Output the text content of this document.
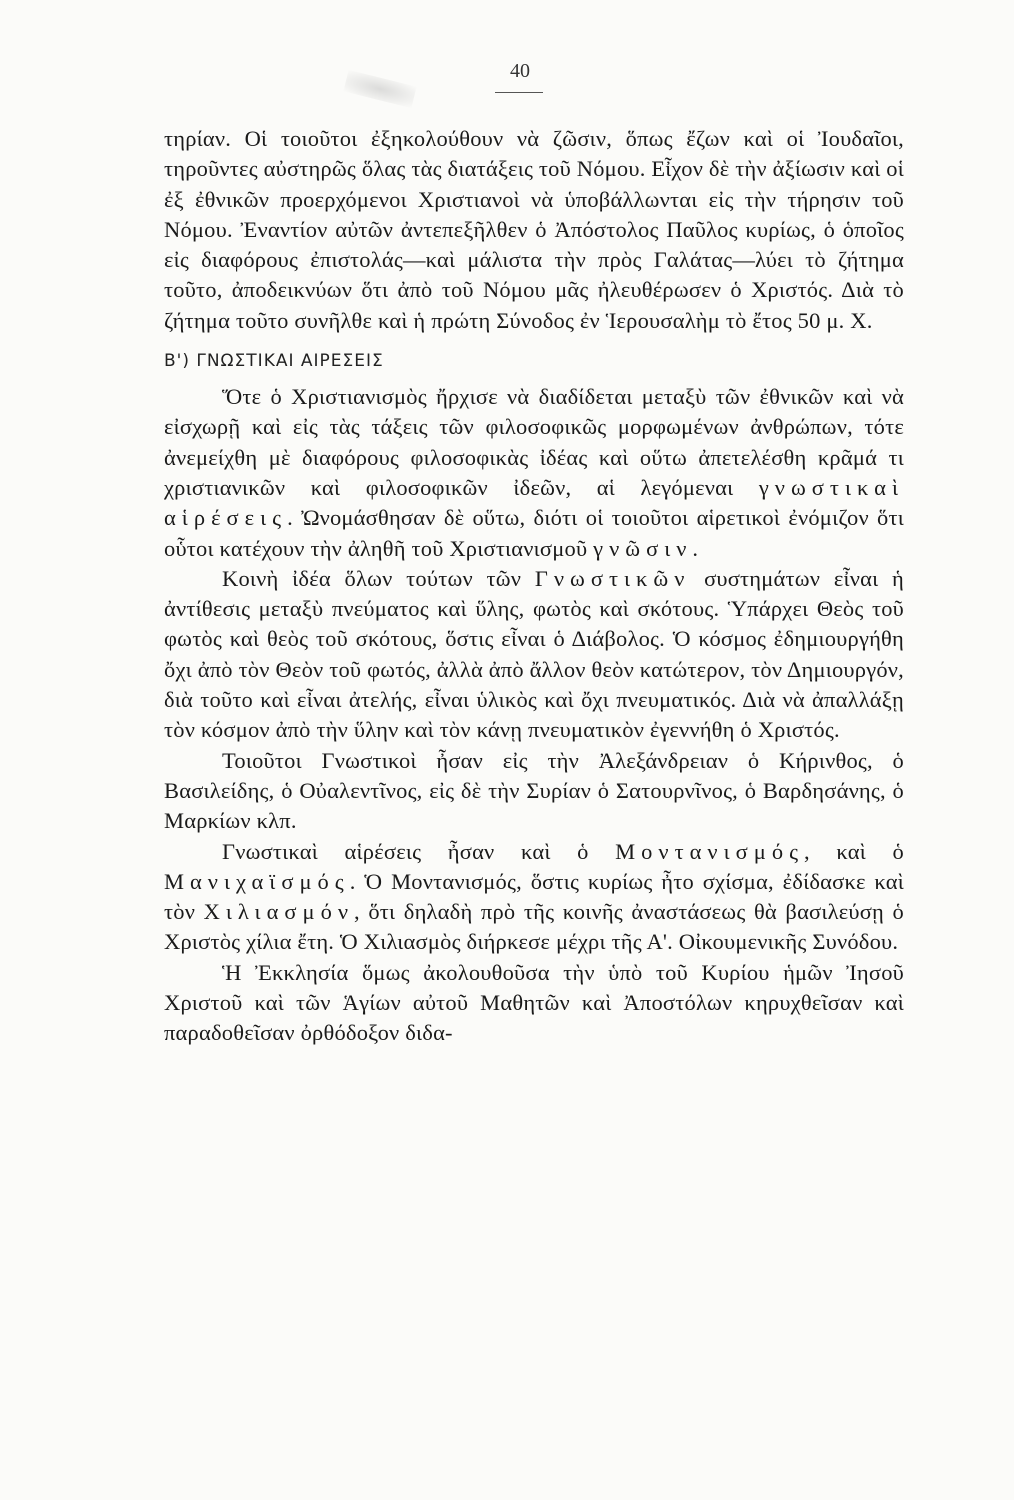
40

τηρίαν. Οἱ τοιοῦτοι ἐξηκολούθουν νὰ ζῶσιν, ὅπως ἔζων καὶ οἱ Ἰουδαῖοι, τηροῦντες αὐστηρῶς ὅλας τὰς διατάξεις τοῦ Νόμου. Εἶχον δὲ τὴν ἀξίωσιν καὶ οἱ ἐξ ἐθνικῶν προερχόμενοι Χριστιανοὶ νὰ ὑποβάλλωνται εἰς τὴν τήρησιν τοῦ Νόμου. Ἐναντίον αὐτῶν ἀντεπεξῆλθεν ὁ Ἀπόστολος Παῦλος κυρίως, ὁ ὁποῖος εἰς διαφόρους ἐπιστολάς—καὶ μάλιστα τὴν πρὸς Γαλάτας—λύει τὸ ζήτημα τοῦτο, ἀποδεικνύων ὅτι ἀπὸ τοῦ Νόμου μᾶς ἠλευθέρωσεν ὁ Χριστός. Διὰ τὸ ζήτημα τοῦτο συνῆλθε καὶ ἡ πρώτη Σύνοδος ἐν Ἱερουσαλὴμ τὸ ἔτος 50 μ. Χ.

Β') ΓΝΩΣΤΙΚΑΙ ΑΙΡΕΣΕΙΣ

Ὅτε ὁ Χριστιανισμὸς ἤρχισε νὰ διαδίδεται μεταξὺ τῶν ἐθνικῶν καὶ νὰ εἰσχωρῇ καὶ εἰς τὰς τάξεις τῶν φιλοσοφικῶς μορφωμένων ἀνθρώπων, τότε ἀνεμείχθη μὲ διαφόρους φιλοσοφικὰς ἰδέας καὶ οὕτω ἀπετελέσθη κρᾶμά τι χριστιανικῶν καὶ φιλοσοφικῶν ἰδεῶν, αἱ λεγόμεναι γνωστικαὶ αἱρέσεις. Ὠνομάσθησαν δὲ οὕτω, διότι οἱ τοιοῦτοι αἱρετικοὶ ἐνόμιζον ὅτι οὗτοι κατέχουν τὴν ἀληθῆ τοῦ Χριστιανισμοῦ γνῶσιν.

Κοινὴ ἰδέα ὅλων τούτων τῶν Γνωστικῶν συστημάτων εἶναι ἡ ἀντίθεσις μεταξὺ πνεύματος καὶ ὕλης, φωτὸς καὶ σκότους. Ὑπάρχει Θεὸς τοῦ φωτὸς καὶ θεὸς τοῦ σκότους, ὅστις εἶναι ὁ Διάβολος. Ὁ κόσμος ἐδημιουργήθη ὄχι ἀπὸ τὸν Θεὸν τοῦ φωτός, ἀλλὰ ἀπὸ ἄλλον θεὸν κατώτερον, τὸν Δημιουργόν, διὰ τοῦτο καὶ εἶναι ἀτελής, εἶναι ὑλικὸς καὶ ὄχι πνευματικός. Διὰ νὰ ἀπαλλάξῃ τὸν κόσμον ἀπὸ τὴν ὕλην καὶ τὸν κάνῃ πνευματικὸν ἐγεννήθη ὁ Χριστός.

Τοιοῦτοι Γνωστικοὶ ἦσαν εἰς τὴν Ἀλεξάνδρειαν ὁ Κήρινθος, ὁ Βασιλείδης, ὁ Οὐαλεντῖνος, εἰς δὲ τὴν Συρίαν ὁ Σατουρνῖνος, ὁ Βαρδησάνης, ὁ Μαρκίων κλπ.

Γνωστικαὶ αἱρέσεις ἦσαν καὶ ὁ Μοντανισμός, καὶ ὁ Μανιχαϊσμός. Ὁ Μοντανισμός, ὅστις κυρίως ἦτο σχίσμα, ἐδίδασκε καὶ τὸν Χιλιασμόν, ὅτι δηλαδὴ πρὸ τῆς κοινῆς ἀναστάσεως θὰ βασιλεύσῃ ὁ Χριστὸς χίλια ἔτη. Ὁ Χιλιασμὸς διήρκεσε μέχρι τῆς Α'. Οἰκουμενικῆς Συνόδου.

Ἡ Ἐκκλησία ὅμως ἀκολουθοῦσα τὴν ὑπὸ τοῦ Κυρίου ἡμῶν Ἰησοῦ Χριστοῦ καὶ τῶν Ἁγίων αὐτοῦ Μαθητῶν καὶ Ἀποστόλων κηρυχθεῖσαν καὶ παραδοθεῖσαν ὀρθόδοξον διδα-
